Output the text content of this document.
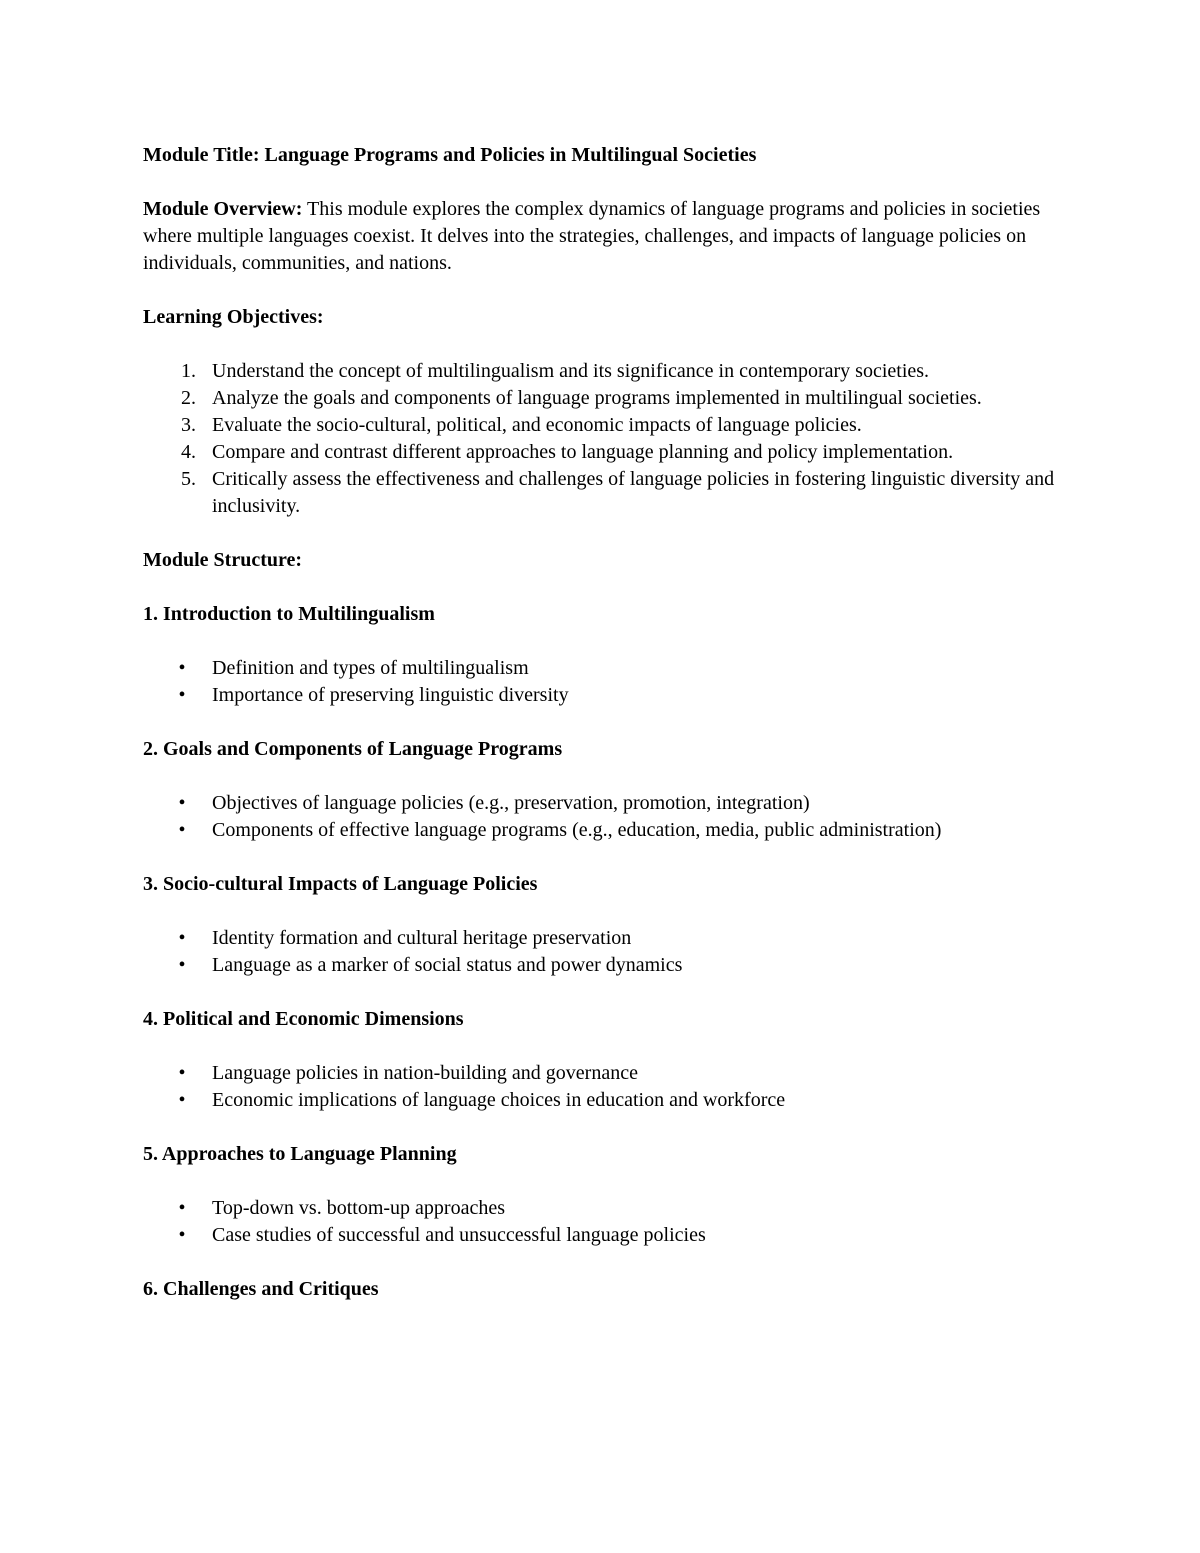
Module Title: Language Programs and Policies in Multilingual Societies

Module Overview: This module explores the complex dynamics of language programs and policies in societies where multiple languages coexist. It delves into the strategies, challenges, and impacts of language policies on individuals, communities, and nations.

Learning Objectives:

1. Understand the concept of multilingualism and its significance in contemporary societies.
2. Analyze the goals and components of language programs implemented in multilingual societies.
3. Evaluate the socio-cultural, political, and economic impacts of language policies.
4. Compare and contrast different approaches to language planning and policy implementation.
5. Critically assess the effectiveness and challenges of language policies in fostering linguistic diversity and inclusivity.

Module Structure:

1. Introduction to Multilingualism

• Definition and types of multilingualism
• Importance of preserving linguistic diversity

2. Goals and Components of Language Programs

• Objectives of language policies (e.g., preservation, promotion, integration)
• Components of effective language programs (e.g., education, media, public administration)

3. Socio-cultural Impacts of Language Policies

• Identity formation and cultural heritage preservation
• Language as a marker of social status and power dynamics

4. Political and Economic Dimensions

• Language policies in nation-building and governance
• Economic implications of language choices in education and workforce

5. Approaches to Language Planning

• Top-down vs. bottom-up approaches
• Case studies of successful and unsuccessful language policies

6. Challenges and Critiques
